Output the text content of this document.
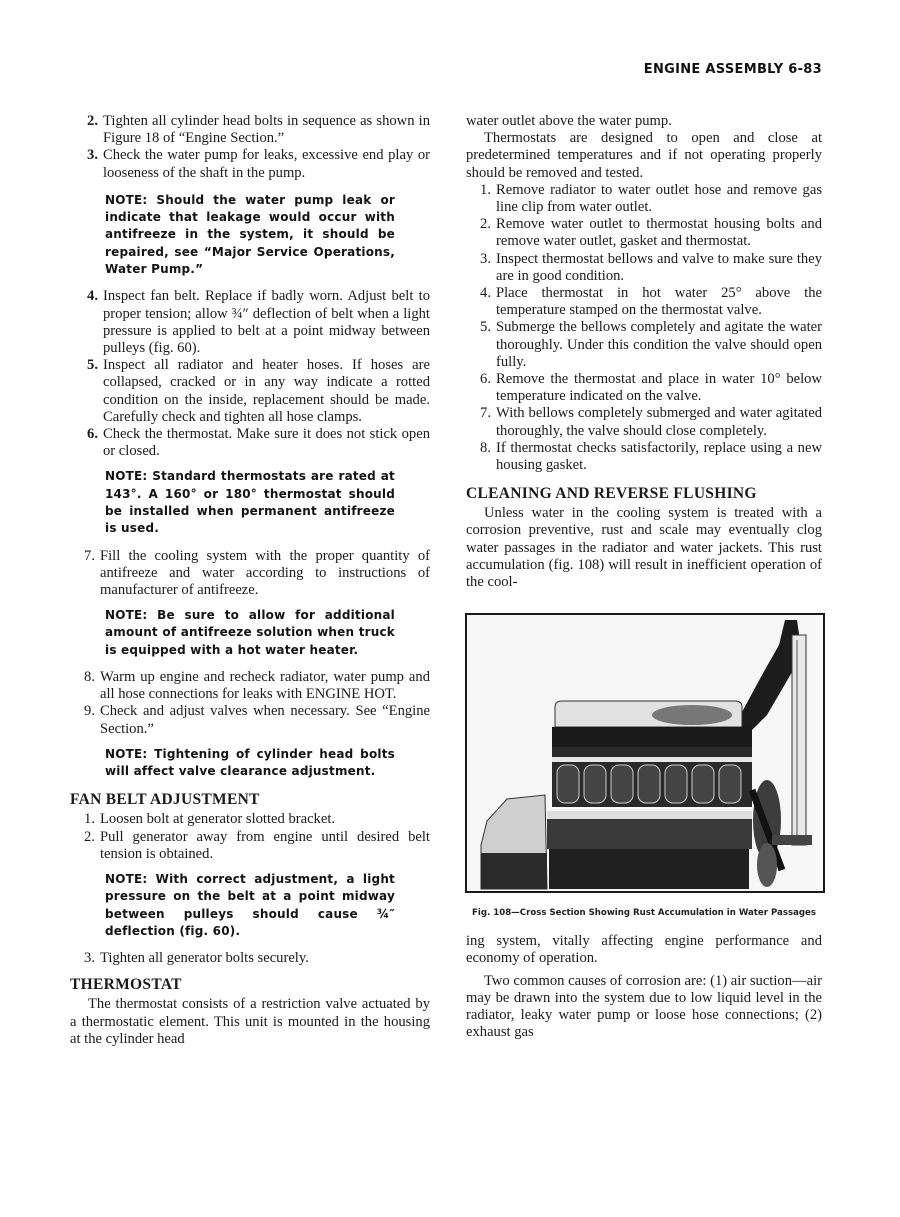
ENGINE ASSEMBLY 6-83
2. Tighten all cylinder head bolts in sequence as shown in Figure 18 of “Engine Section.”
3. Check the water pump for leaks, excessive end play or looseness of the shaft in the pump.
NOTE: Should the water pump leak or indicate that leakage would occur with antifreeze in the system, it should be repaired, see “Major Service Operations, Water Pump.”
4. Inspect fan belt. Replace if badly worn. Adjust belt to proper tension; allow ¾″ deflection of belt when a light pressure is applied to belt at a point midway between pulleys (fig. 60).
5. Inspect all radiator and heater hoses. If hoses are collapsed, cracked or in any way indicate a rotted condition on the inside, replacement should be made. Carefully check and tighten all hose clamps.
6. Check the thermostat. Make sure it does not stick open or closed.
NOTE: Standard thermostats are rated at 143°. A 160° or 180° thermostat should be installed when permanent antifreeze is used.
7. Fill the cooling system with the proper quantity of antifreeze and water according to instructions of manufacturer of antifreeze.
NOTE: Be sure to allow for additional amount of antifreeze solution when truck is equipped with a hot water heater.
8. Warm up engine and recheck radiator, water pump and all hose connections for leaks with ENGINE HOT.
9. Check and adjust valves when necessary. See “Engine Section.”
NOTE: Tightening of cylinder head bolts will affect valve clearance adjustment.
FAN BELT ADJUSTMENT
1. Loosen bolt at generator slotted bracket.
2. Pull generator away from engine until desired belt tension is obtained.
NOTE: With correct adjustment, a light pressure on the belt at a point midway between pulleys should cause ¾″ deflection (fig. 60).
3. Tighten all generator bolts securely.
THERMOSTAT

The thermostat consists of a restriction valve actuated by a thermostatic element. This unit is mounted in the housing at the cylinder head

water outlet above the water pump.

Thermostats are designed to open and close at predetermined temperatures and if not operating properly should be removed and tested.

1. Remove radiator to water outlet hose and remove gas line clip from water outlet.
2. Remove water outlet to thermostat housing bolts and remove water outlet, gasket and thermostat.
3. Inspect thermostat bellows and valve to make sure they are in good condition.
4. Place thermostat in hot water 25° above the temperature stamped on the thermostat valve.
5. Submerge the bellows completely and agitate the water thoroughly. Under this condition the valve should open fully.
6. Remove the thermostat and place in water 10° below temperature indicated on the valve.
7. With bellows completely submerged and water agitated thoroughly, the valve should close completely.
8. If thermostat checks satisfactorily, replace using a new housing gasket.
CLEANING AND REVERSE FLUSHING

Unless water in the cooling system is treated with a corrosion preventive, rust and scale may eventually clog water passages in the radiator and water jackets. This rust accumulation (fig. 108) will result in inefficient operation of the cool-

Fig. 108—Cross Section Showing Rust Accumulation in Water Passages

ing system, vitally affecting engine performance and economy of operation.

Two common causes of corrosion are: (1) air suction—air may be drawn into the system due to low liquid level in the radiator, leaky water pump or loose hose connections; (2) exhaust gas
